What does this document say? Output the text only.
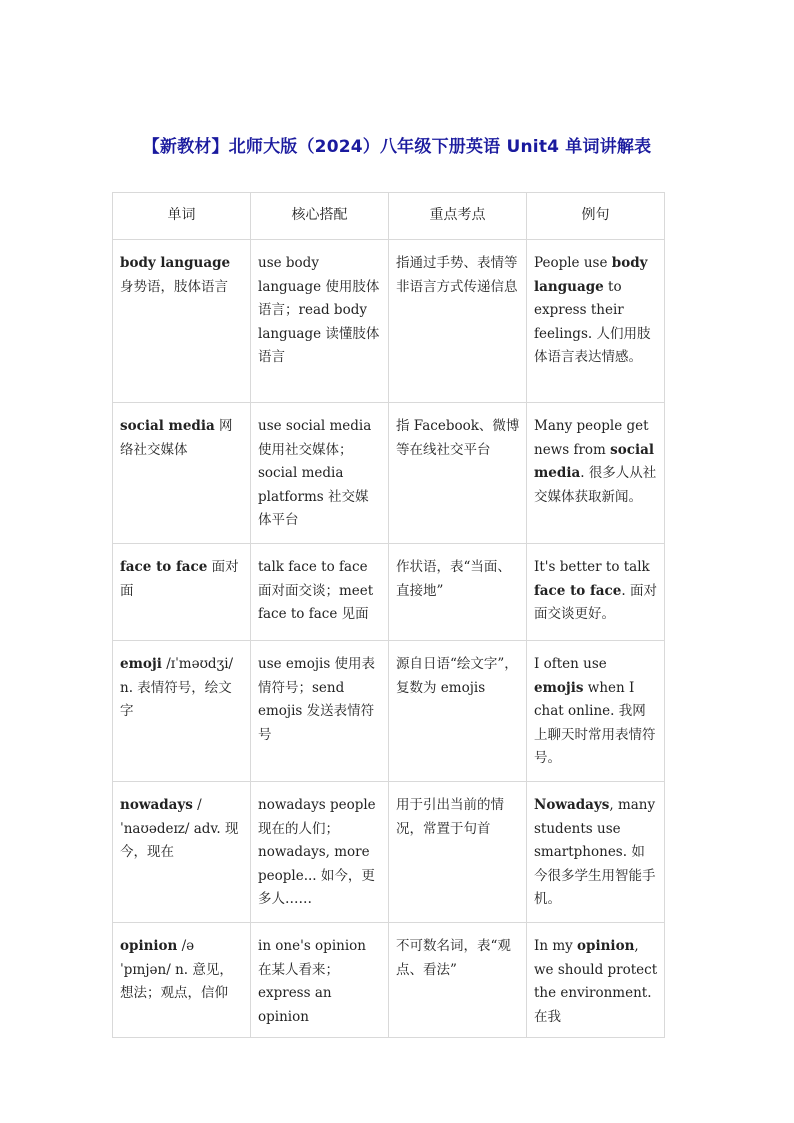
【新教材】北师大版（2024）八年级下册英语 Unit4 单词讲解表
单词	核心搭配	重点考点	例句
body language 身势语，肢体语言	use body language 使用肢体语言；read body language 读懂肢体语言	指通过手势、表情等非语言方式传递信息	People use body language to express their feelings. 人们用肢体语言表达情感。
social media 网络社交媒体	use social media 使用社交媒体；social media platforms 社交媒体平台	指 Facebook、微博等在线社交平台	Many people get news from social media. 很多人从社交媒体获取新闻。
face to face 面对面	talk face to face 面对面交谈；meet face to face 见面	作状语，表“当面、直接地”	It's better to talk face to face. 面对面交谈更好。
emoji /ɪˈməʊdʒi/ n. 表情符号，绘文字	use emojis 使用表情符号；send emojis 发送表情符号	源自日语“绘文字”，复数为 emojis	I often use emojis when I chat online. 我网上聊天时常用表情符号。
nowadays /ˈnaʊədeɪz/ adv. 现今，现在	nowadays people 现在的人们；nowadays, more people... 如今，更多人……	用于引出当前的情况，常置于句首	Nowadays, many students use smartphones. 如今很多学生用智能手机。
opinion /əˈpɪnjən/ n. 意见，想法；观点，信仰	in one's opinion 在某人看来；express an opinion	不可数名词，表“观点、看法”	In my opinion, we should protect the environment. 在我
